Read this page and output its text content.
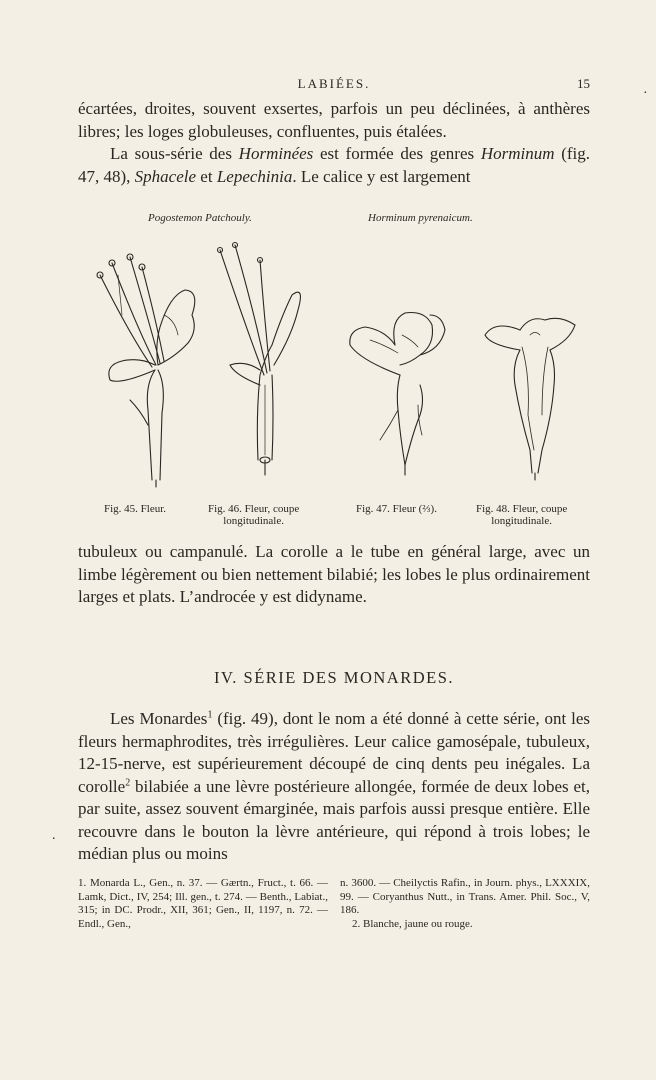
LABIÉES.	15
·

écartées, droites, souvent exsertes, parfois un peu déclinées, à anthères libres; les loges globuleuses, confluentes, puis étalées.

La sous-série des Horminées est formée des genres Horminum (fig. 47, 48), Sphacele et Lepechinia. Le calice y est largement

Pogostemon Patchouly.	Horminum pyrenaicum.
Fig. 45. Fleur.	Fig. 46. Fleur, coupe
longitudinale.
Fig. 47. Fleur (⅔).	Fig. 48. Fleur, coupe
longitudinale.
tubuleux ou campanulé. La corolle a le tube en général large, avec un limbe légèrement ou bien nettement bilabié; les lobes le plus ordinairement larges et plats. L’androcée y est didyname.
IV. SÉRIE DES MONARDES.

Les Monardes$^1$ (fig. 49), dont le nom a été donné à cette série, ont les fleurs hermaphrodites, très irrégulières. Leur calice gamosépale, tubuleux, 12-15-nerve, est supérieurement découpé de cinq dents peu inégales. La corolle$^2$ bilabiée a une lèvre postérieure allongée, formée de deux lobes et, par suite, assez souvent émarginée, mais parfois aussi presque entière. Elle recouvre dans le bouton la lèvre antérieure, qui répond à trois lobes; le médian plus ou moins

.

1. Monarda L., Gen., n. 37. — Gærtn., Fruct., t. 66. — Lamk, Dict., IV, 254; Ill. gen., t. 274. — Benth., Labiat., 315; in DC. Prodr., XII, 361; Gen., II, 1197, n. 72. — Endl., Gen.,

n. 3600. — Cheilyctis Rafin., in Journ. phys., LXXXIX, 99. — Coryanthus Nutt., in Trans. Amer. Phil. Soc., V, 186.

2. Blanche, jaune ou rouge.
